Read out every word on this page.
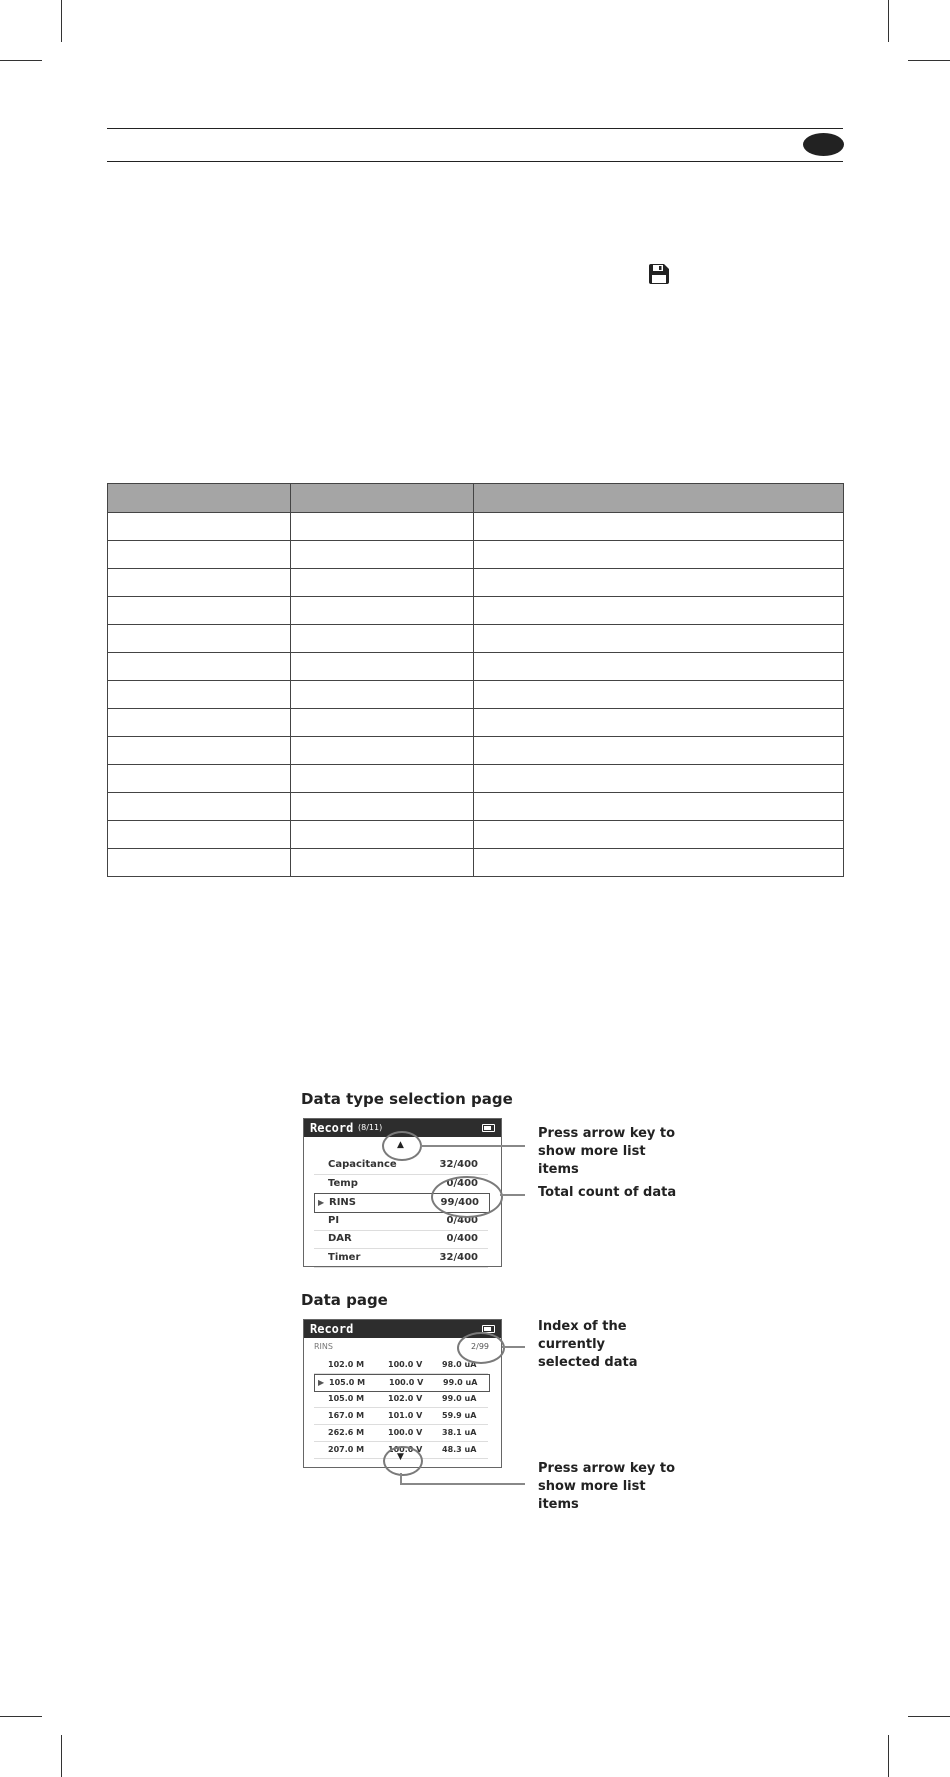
Data type selection page
Record (8/11)
▲
Capacitance	32/400
Temp	0/400
▶ RINS	99/400
PI	0/400
DAR	0/400
Timer	32/400
Press arrow key to show more list items
Total count of data
Data page
Record
RINS	2/99
102.0 M	100.0 V 98.0 uA
▶ 105.0 M	100.0 V 99.0 uA
105.0 M	102.0 V 99.0 uA
167.0 M	101.0 V 59.9 uA
262.6 M	100.0 V 38.1 uA
207.0 M	100.0 V 48.3 uA
▼
Index of the currently selected data
Press arrow key to show more list items
